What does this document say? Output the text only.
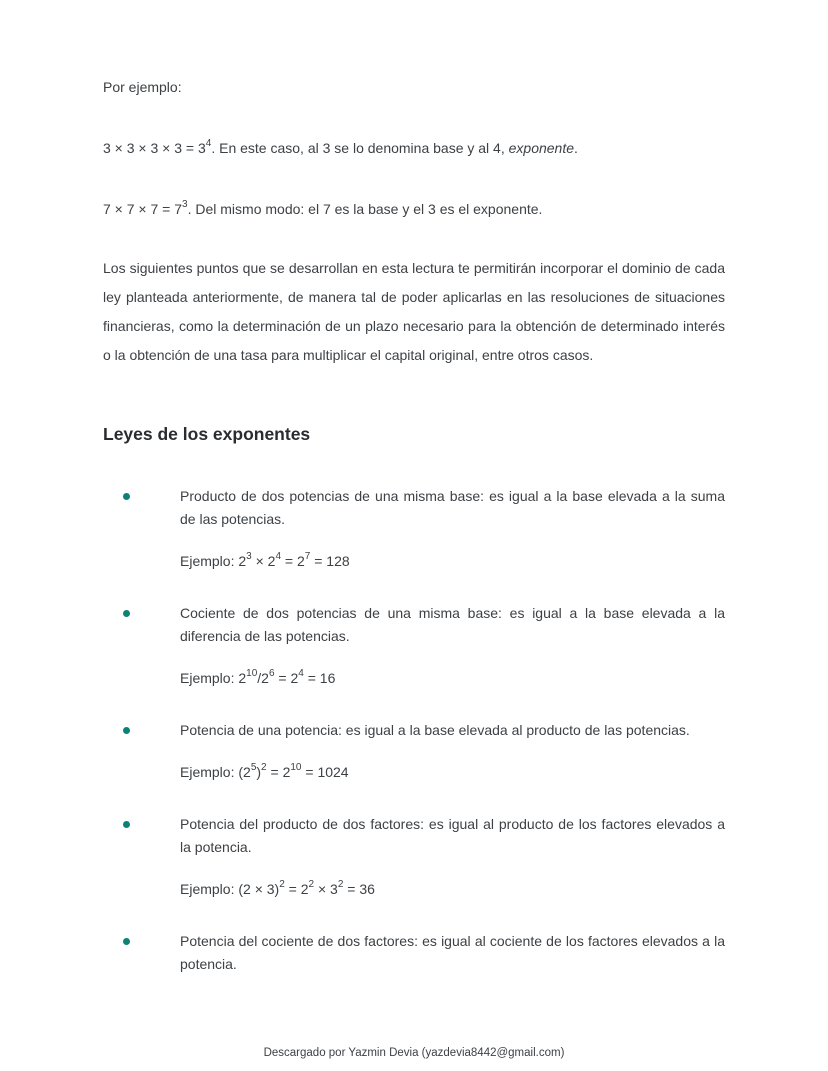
Por ejemplo:

$3 \times 3 \times 3 \times 3 = 3^4$. En este caso, al 3 se lo denomina base y al 4, exponente.

$7 \times 7 \times 7 = 7^3$. Del mismo modo: el 7 es la base y el 3 es el exponente.

Los siguientes puntos que se desarrollan en esta lectura te permitirán incorporar el dominio de cada ley planteada anteriormente, de manera tal de poder aplicarlas en las resoluciones de situaciones financieras, como la determinación de un plazo necesario para la obtención de determinado interés o la obtención de una tasa para multiplicar el capital original, entre otros casos.

Leyes de los exponentes

Producto de dos potencias de una misma base: es igual a la base elevada a la suma de las potencias.

Ejemplo: $2^3 \times 2^4 = 2^7 = 128$

Cociente de dos potencias de una misma base: es igual a la base elevada a la diferencia de las potencias.

Ejemplo: $2^{10}/2^6 = 2^4 = 16$

Potencia de una potencia: es igual a la base elevada al producto de las potencias.

Ejemplo: $(2^5)^2 = 2^{10} = 1024$

Potencia del producto de dos factores: es igual al producto de los factores elevados a la potencia.

Ejemplo: $(2 \times 3)^2 = 2^2 \times 3^2 = 36$

Potencia del cociente de dos factores: es igual al cociente de los factores elevados a la potencia.

Descargado por Yazmin Devia (yazdevia8442@gmail.com)
